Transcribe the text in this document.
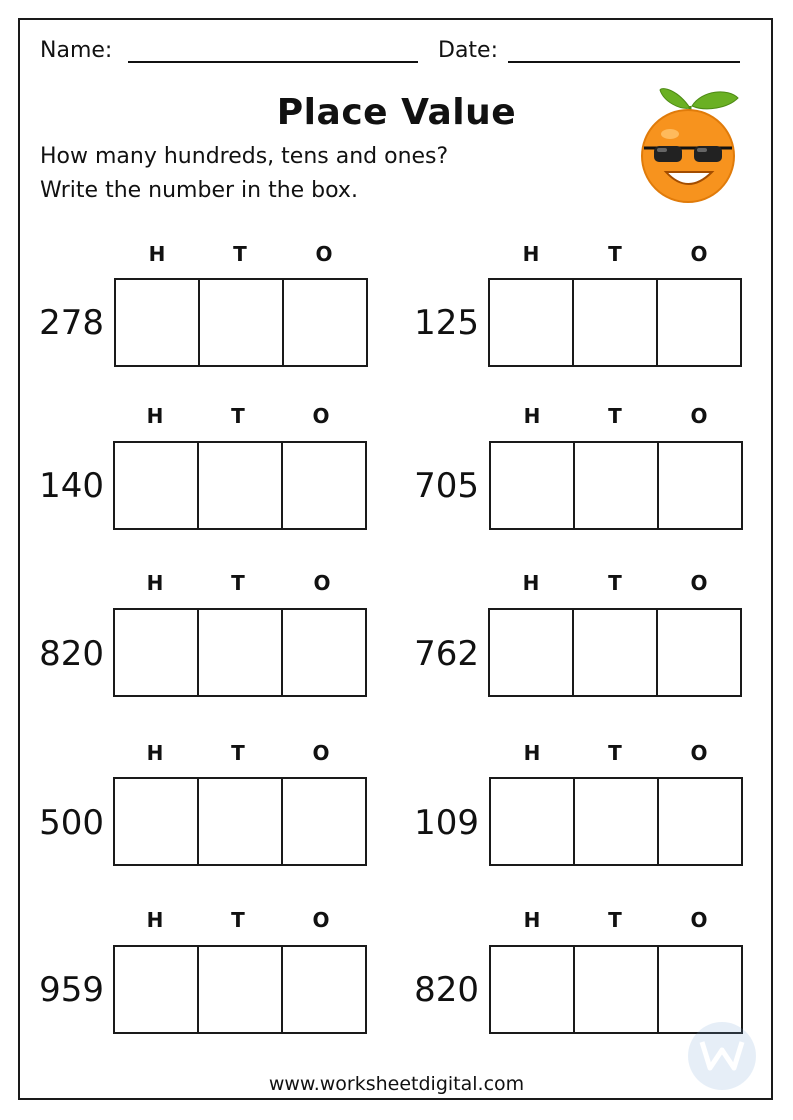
Name:	Date:
Place Value
How many hundreds, tens and ones?
Write the number in the box.
H	T	O
278
H	T	O
140
H	T	O
820
H	T	O
500
H	T	O
959
H	T	O
125
H	T	O
705
H	T	O
762
H	T	O
109
H	T	O
820
www.worksheetdigital.com
